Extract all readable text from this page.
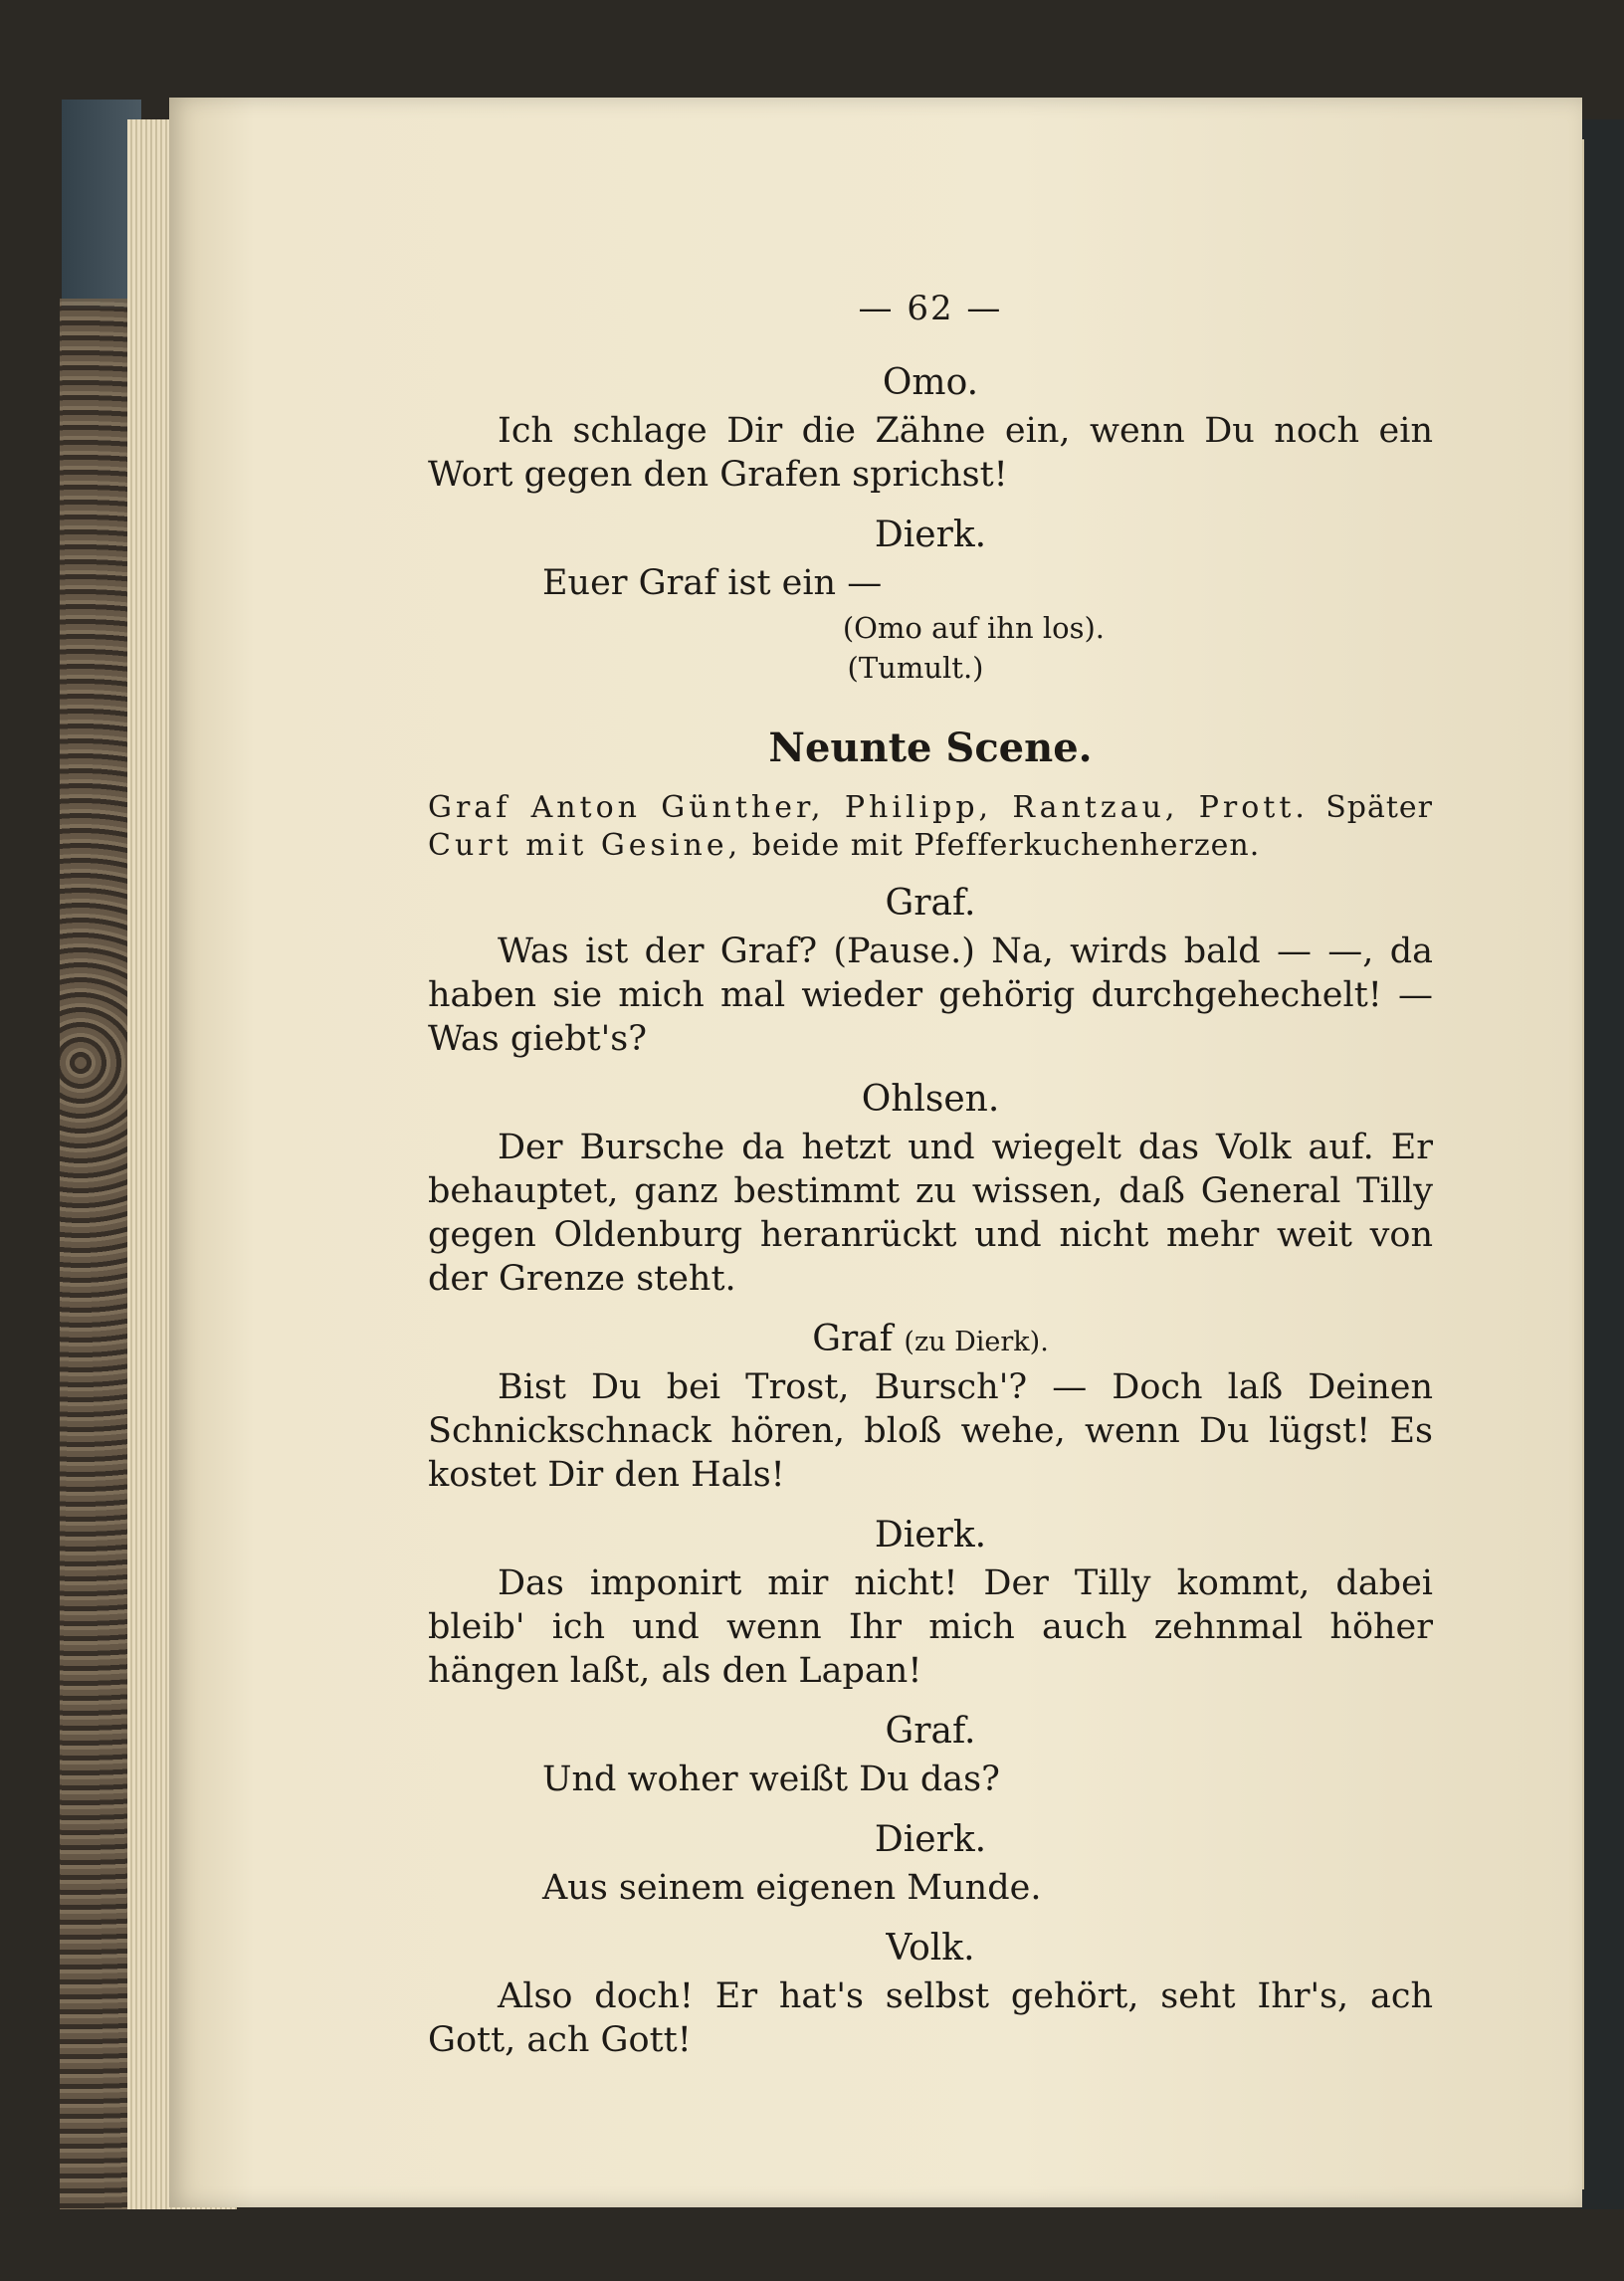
— 62 —
Omo.

Ich schlage Dir die Zähne ein, wenn Du noch ein Wort gegen den Grafen sprichst!

Dierk.

Euer Graf ist ein —

(Omo auf ihn los).
(Tumult.)
Neunte Scene.
Graf Anton Günther, Philipp, Rantzau, Prott. Später Curt mit Gesine, beide mit Pfefferkuchenherzen.
Graf.

Was ist der Graf? (Pause.) Na, wirds bald — —, da haben sie mich mal wieder gehörig durchgehechelt! — Was giebt's?

Ohlsen.

Der Bursche da hetzt und wiegelt das Volk auf. Er behauptet, ganz bestimmt zu wissen, daß General Tilly gegen Oldenburg heranrückt und nicht mehr weit von der Grenze steht.

Graf (zu Dierk).

Bist Du bei Trost, Bursch'? — Doch laß Deinen Schnickschnack hören, bloß wehe, wenn Du lügst! Es kostet Dir den Hals!

Dierk.

Das imponirt mir nicht! Der Tilly kommt, dabei bleib' ich und wenn Ihr mich auch zehnmal höher hängen laßt, als den Lapan!

Graf.

Und woher weißt Du das?

Dierk.

Aus seinem eigenen Munde.

Volk.

Also doch! Er hat's selbst gehört, seht Ihr's, ach Gott, ach Gott!
